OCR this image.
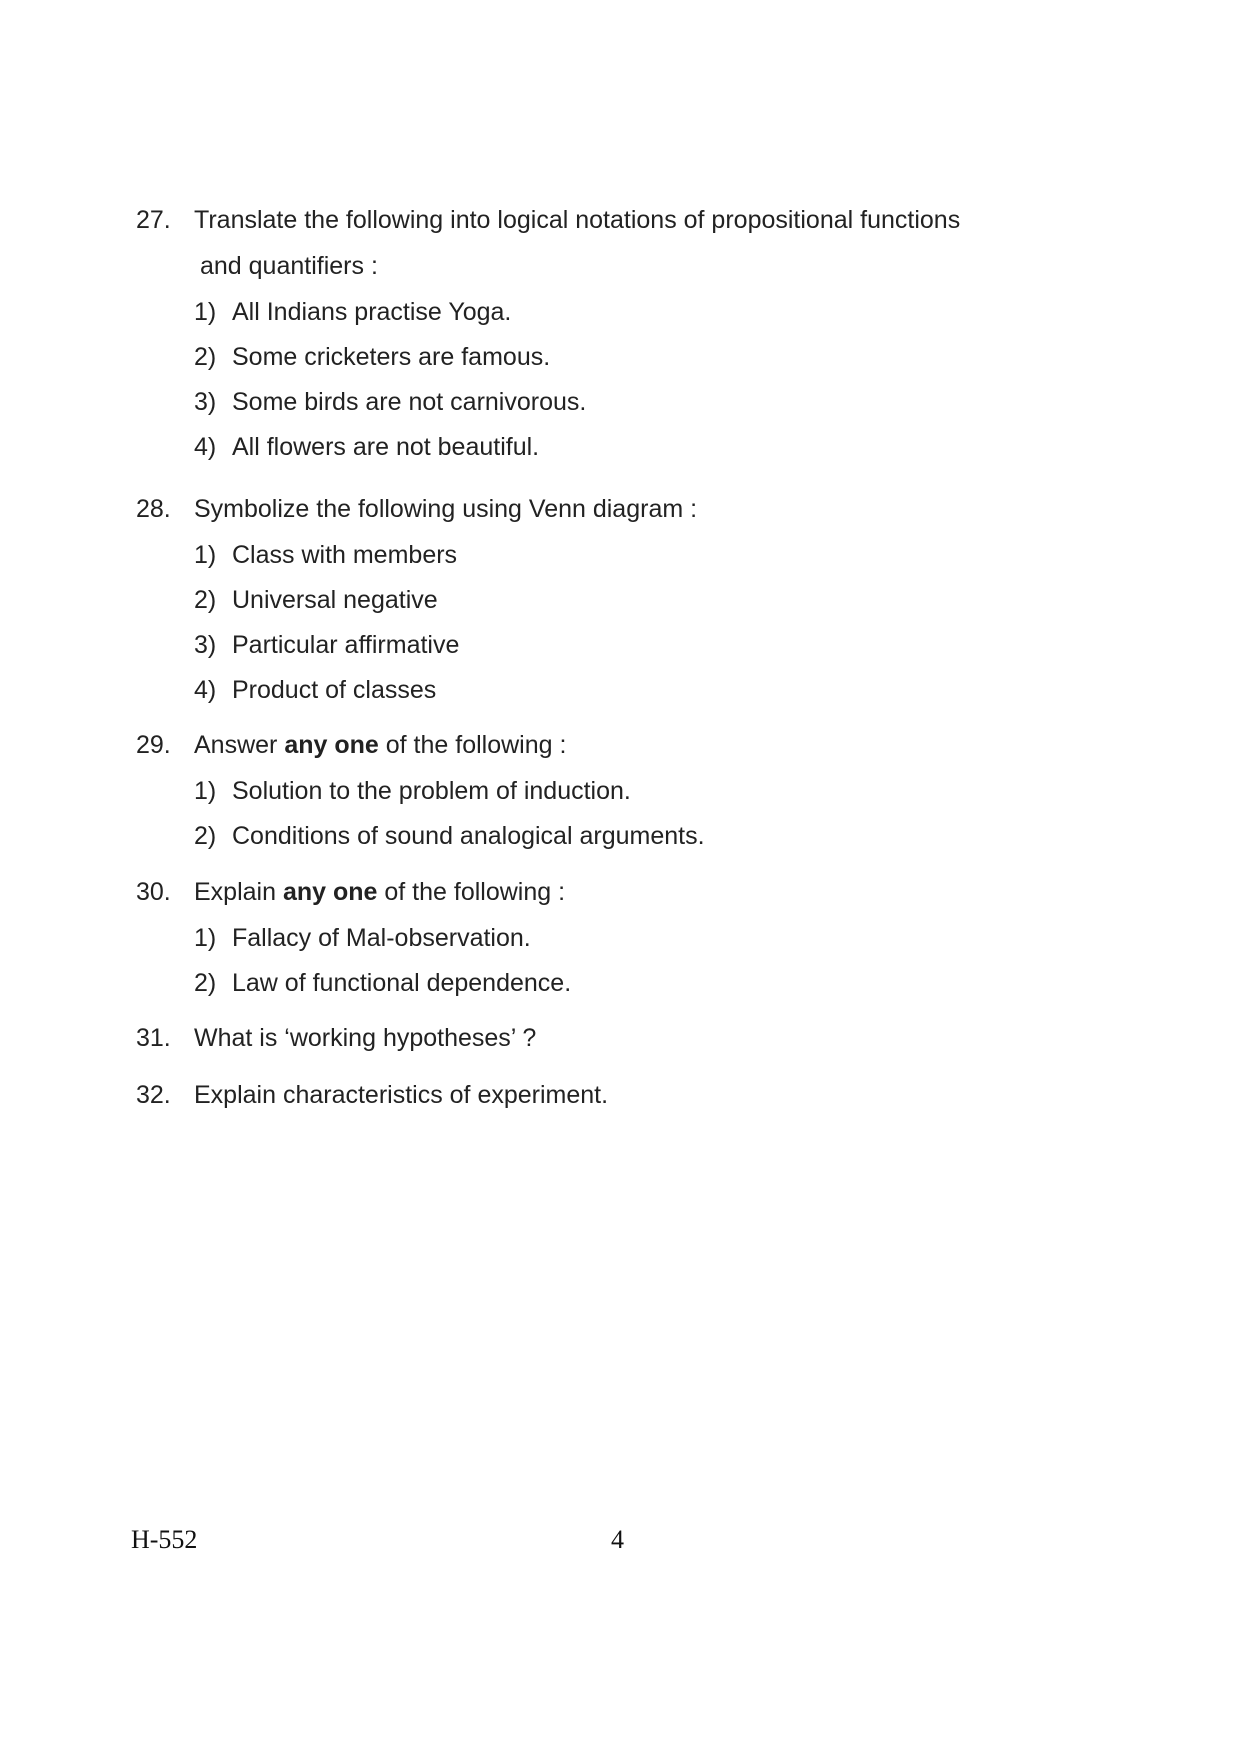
27. Translate the following into logical notations of propositional functions
and quantifiers :
1) All Indians practise Yoga.
2) Some cricketers are famous.
3) Some birds are not carnivorous.
4) All flowers are not beautiful.
28. Symbolize the following using Venn diagram :
1) Class with members
2) Universal negative
3) Particular affirmative
4) Product of classes
29. Answer any one of the following :
1) Solution to the problem of induction.
2) Conditions of sound analogical arguments.
30. Explain any one of the following :
1) Fallacy of Mal-observation.
2) Law of functional dependence.
31. What is ‘working hypotheses’ ?
32. Explain characteristics of experiment.
H-552	4
